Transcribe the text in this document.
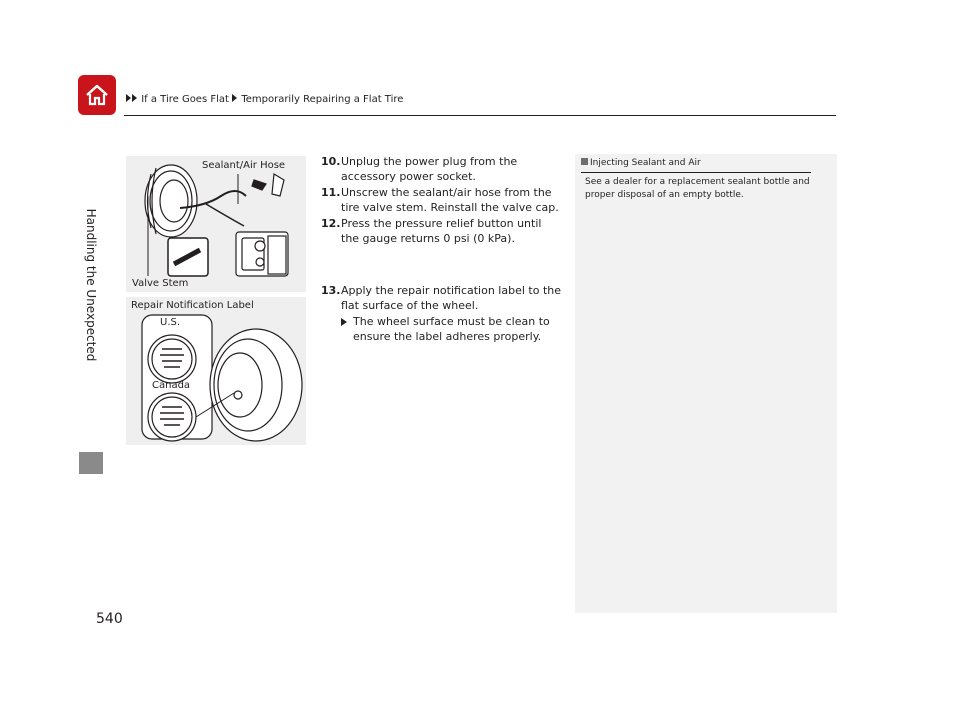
If a Tire Goes Flat Temporarily Repairing a Flat Tire
Handling the Unexpected
540
Sealant/Air Hose
Valve Stem
Repair Notification Label
U.S.
Canada
10. Unplug the power plug from the accessory power socket.
11. Unscrew the sealant/air hose from the tire valve stem. Reinstall the valve cap.
12. Press the pressure relief button until the gauge returns 0 psi (0 kPa).
13. Apply the repair notification label to the flat surface of the wheel.
The wheel surface must be clean to ensure the label adheres properly.
Injecting Sealant and Air
See a dealer for a replacement sealant bottle and proper disposal of an empty bottle.
